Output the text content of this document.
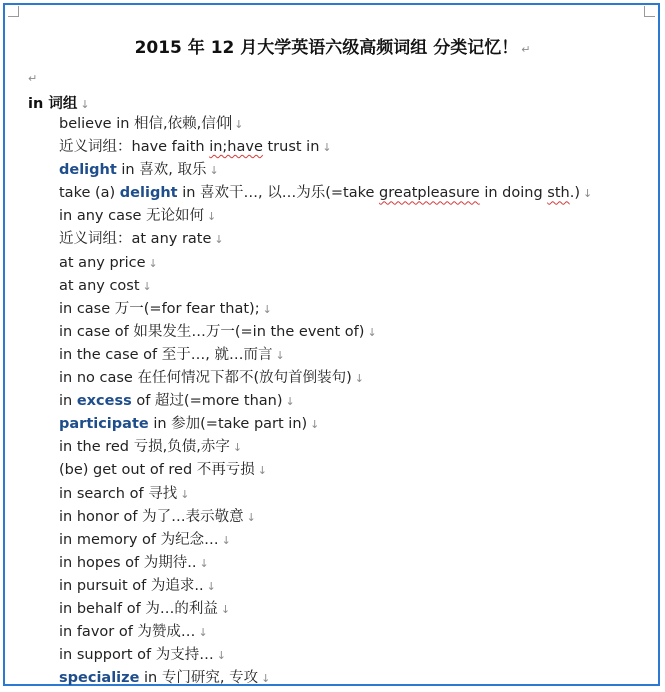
2015 年 12 月大学英语六级高频词组 分类记忆！ ↵
↵
in 词组 ↓
believe in 相信,依赖,信仰 ↓
近义词组：have faith in;have trust in ↓
delight in 喜欢, 取乐 ↓
take (a) delight in 喜欢干…, 以…为乐(=take greatpleasure in doing sth.) ↓
in any case 无论如何 ↓
近义词组：at any rate ↓
at any price ↓
at any cost ↓
in case 万一(=for fear that); ↓
in case of 如果发生…万一(=in the event of) ↓
in the case of 至于…, 就…而言 ↓
in no case 在任何情况下都不(放句首倒装句) ↓
in excess of 超过(=more than) ↓
participate in 参加(=take part in) ↓
in the red 亏损,负债,赤字 ↓
(be) get out of red 不再亏损 ↓
in search of 寻找 ↓
in honor of 为了…表示敬意 ↓
in memory of 为纪念… ↓
in hopes of 为期待.. ↓
in pursuit of 为追求.. ↓
in behalf of 为…的利益 ↓
in favor of 为赞成… ↓
in support of 为支持… ↓
specialize in 专门研究, 专攻 ↓
